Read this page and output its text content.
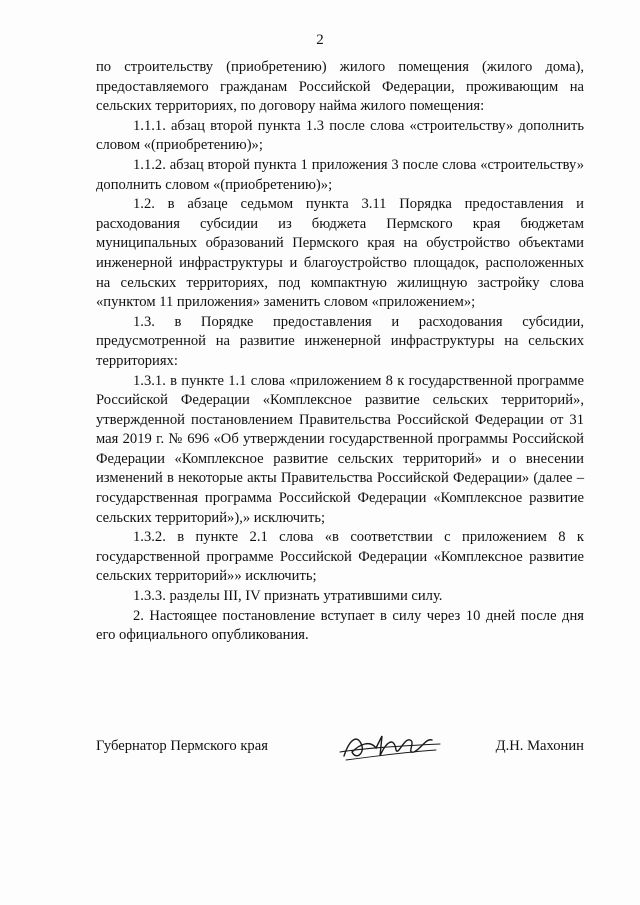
2

по строительству (приобретению) жилого помещения (жилого дома), предоставляемого гражданам Российской Федерации, проживающим на сельских территориях, по договору найма жилого помещения:

1.1.1. абзац второй пункта 1.3 после слова «строительству» дополнить словом «(приобретению)»;

1.1.2. абзац второй пункта 1 приложения 3 после слова «строительству» дополнить словом «(приобретению)»;

1.2. в абзаце седьмом пункта 3.11 Порядка предоставления и расходования субсидии из бюджета Пермского края бюджетам муниципальных образований Пермского края на обустройство объектами инженерной инфраструктуры и благоустройство площадок, расположенных на сельских территориях, под компактную жилищную застройку слова «пунктом 11 приложения» заменить словом «приложением»;

1.3. в Порядке предоставления и расходования субсидии, предусмотренной на развитие инженерной инфраструктуры на сельских территориях:

1.3.1. в пункте 1.1 слова «приложением 8 к государственной программе Российской Федерации «Комплексное развитие сельских территорий», утвержденной постановлением Правительства Российской Федерации от 31 мая 2019 г. № 696 «Об утверждении государственной программы Российской Федерации «Комплексное развитие сельских территорий» и о внесении изменений в некоторые акты Правительства Российской Федерации» (далее – государственная программа Российской Федерации «Комплексное развитие сельских территорий»),» исключить;

1.3.2. в пункте 2.1 слова «в соответствии с приложением 8 к государственной программе Российской Федерации «Комплексное развитие сельских территорий»» исключить;

1.3.3. разделы III, IV признать утратившими силу.

2. Настоящее постановление вступает в силу через 10 дней после дня его официального опубликования.

Губернатор Пермского края	Д.Н. Махонин
